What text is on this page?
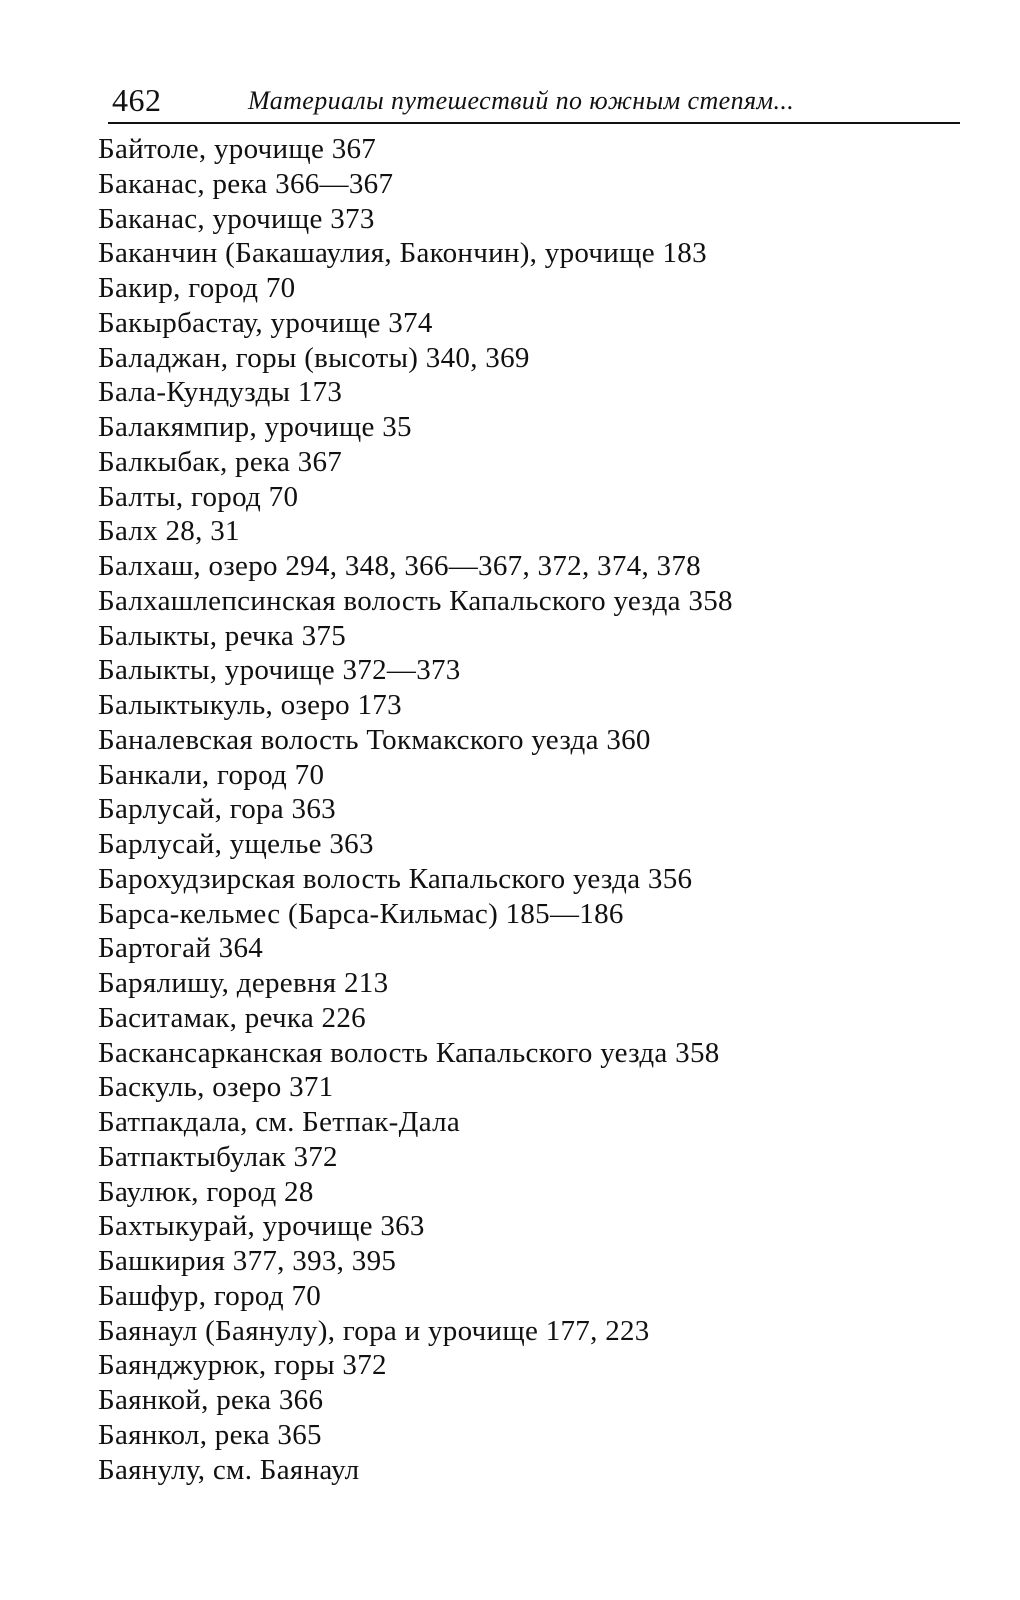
462	Материалы путешествий по южным степям...
Байтоле, урочище 367
Баканас, река 366—367
Баканас, урочище 373
Баканчин (Бакашаулия, Бакончин), урочище 183
Бакир, город 70
Бакырбастау, урочище 374
Баладжан, горы (высоты) 340, 369
Бала-Кундузды 173
Балакямпир, урочище 35
Балкыбак, река 367
Балты, город 70
Балх 28, 31
Балхаш, озеро 294, 348, 366—367, 372, 374, 378
Балхашлепсинская волость Капальского уезда 358
Балыкты, речка 375
Балыкты, урочище 372—373
Балыктыкуль, озеро 173
Баналевская волость Токмакского уезда 360
Банкали, город 70
Барлусай, гора 363
Барлусай, ущелье 363
Барохудзирская волость Капальского уезда 356
Барса-кельмес (Барса-Кильмас) 185—186
Бартогай 364
Барялишу, деревня 213
Баситамак, речка 226
Баскансарканская волость Капальского уезда 358
Баскуль, озеро 371
Батпакдала, см. Бетпак-Дала
Батпактыбулак 372
Баулюк, город 28
Бахтыкурай, урочище 363
Башкирия 377, 393, 395
Башфур, город 70
Баянаул (Баянулу), гора и урочище 177, 223
Баянджурюк, горы 372
Баянкой, река 366
Баянкол, река 365
Баянулу, см. Баянаул
